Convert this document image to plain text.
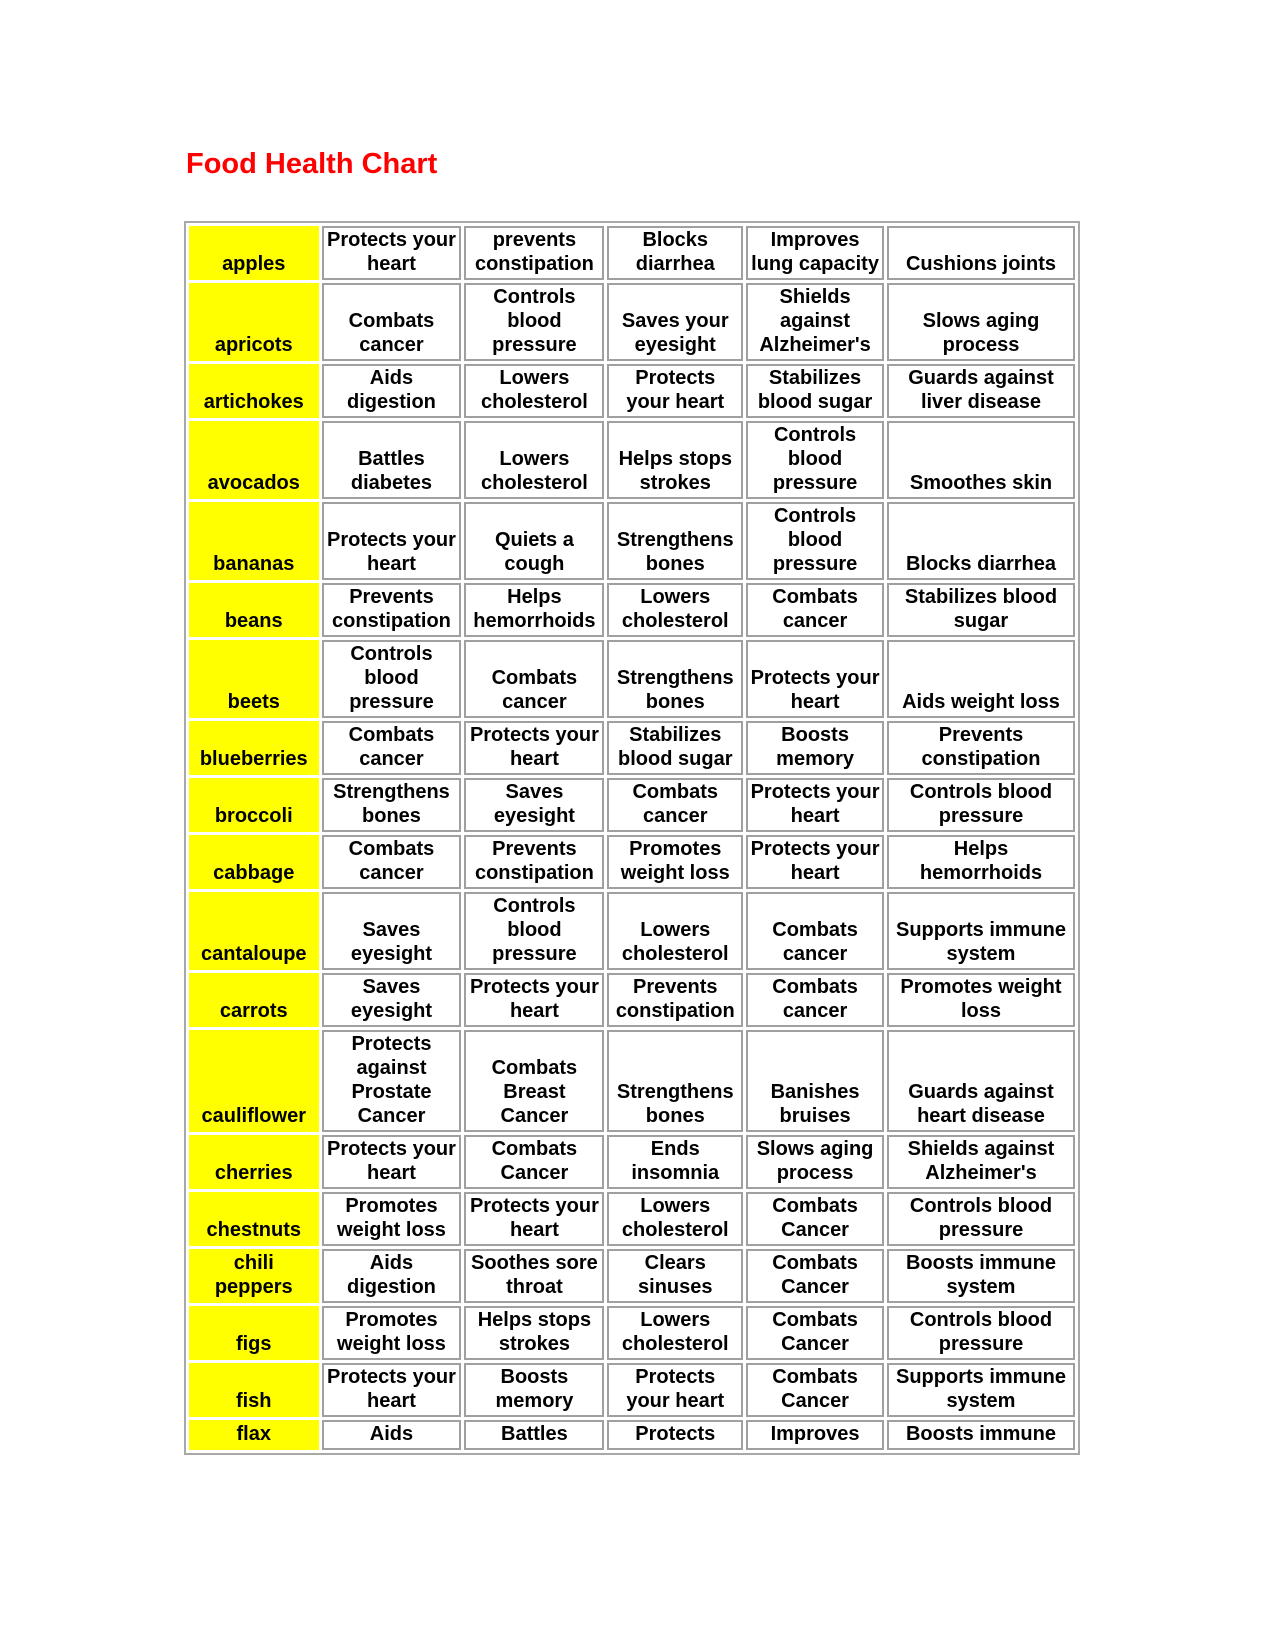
Food Health Chart
apples	Protects your heart	prevents constipation	Blocks diarrhea	Improves lung capacity	Cushions joints
apricots	Combats cancer	Controls blood pressure	Saves your eyesight	Shields against Alzheimer's	Slows aging process
artichokes	Aids digestion	Lowers cholesterol	Protects your heart	Stabilizes blood sugar	Guards against liver disease
avocados	Battles diabetes	Lowers cholesterol	Helps stops strokes	Controls blood pressure	Smoothes skin
bananas	Protects your heart	Quiets a cough	Strengthens bones	Controls blood pressure	Blocks diarrhea
beans	Prevents constipation	Helps hemorrhoids	Lowers cholesterol	Combats cancer	Stabilizes blood sugar
beets	Controls blood pressure	Combats cancer	Strengthens bones	Protects your heart	Aids weight loss
blueberries	Combats cancer	Protects your heart	Stabilizes blood sugar	Boosts memory	Prevents constipation
broccoli	Strengthens bones	Saves eyesight	Combats cancer	Protects your heart	Controls blood pressure
cabbage	Combats cancer	Prevents constipation	Promotes weight loss	Protects your heart	Helps hemorrhoids
cantaloupe	Saves eyesight	Controls blood pressure	Lowers cholesterol	Combats cancer	Supports immune system
carrots	Saves eyesight	Protects your heart	Prevents constipation	Combats cancer	Promotes weight loss
cauliflower	Protects against Prostate Cancer	Combats Breast Cancer	Strengthens bones	Banishes bruises	Guards against heart disease
cherries	Protects your heart	Combats Cancer	Ends insomnia	Slows aging process	Shields against Alzheimer's
chestnuts	Promotes weight loss	Protects your heart	Lowers cholesterol	Combats Cancer	Controls blood pressure
chili peppers	Aids digestion	Soothes sore throat	Clears sinuses	Combats Cancer	Boosts immune system
figs	Promotes weight loss	Helps stops strokes	Lowers cholesterol	Combats Cancer	Controls blood pressure
fish	Protects your heart	Boosts memory	Protects your heart	Combats Cancer	Supports immune system
flax	Aids	Battles	Protects	Improves	Boosts immune
